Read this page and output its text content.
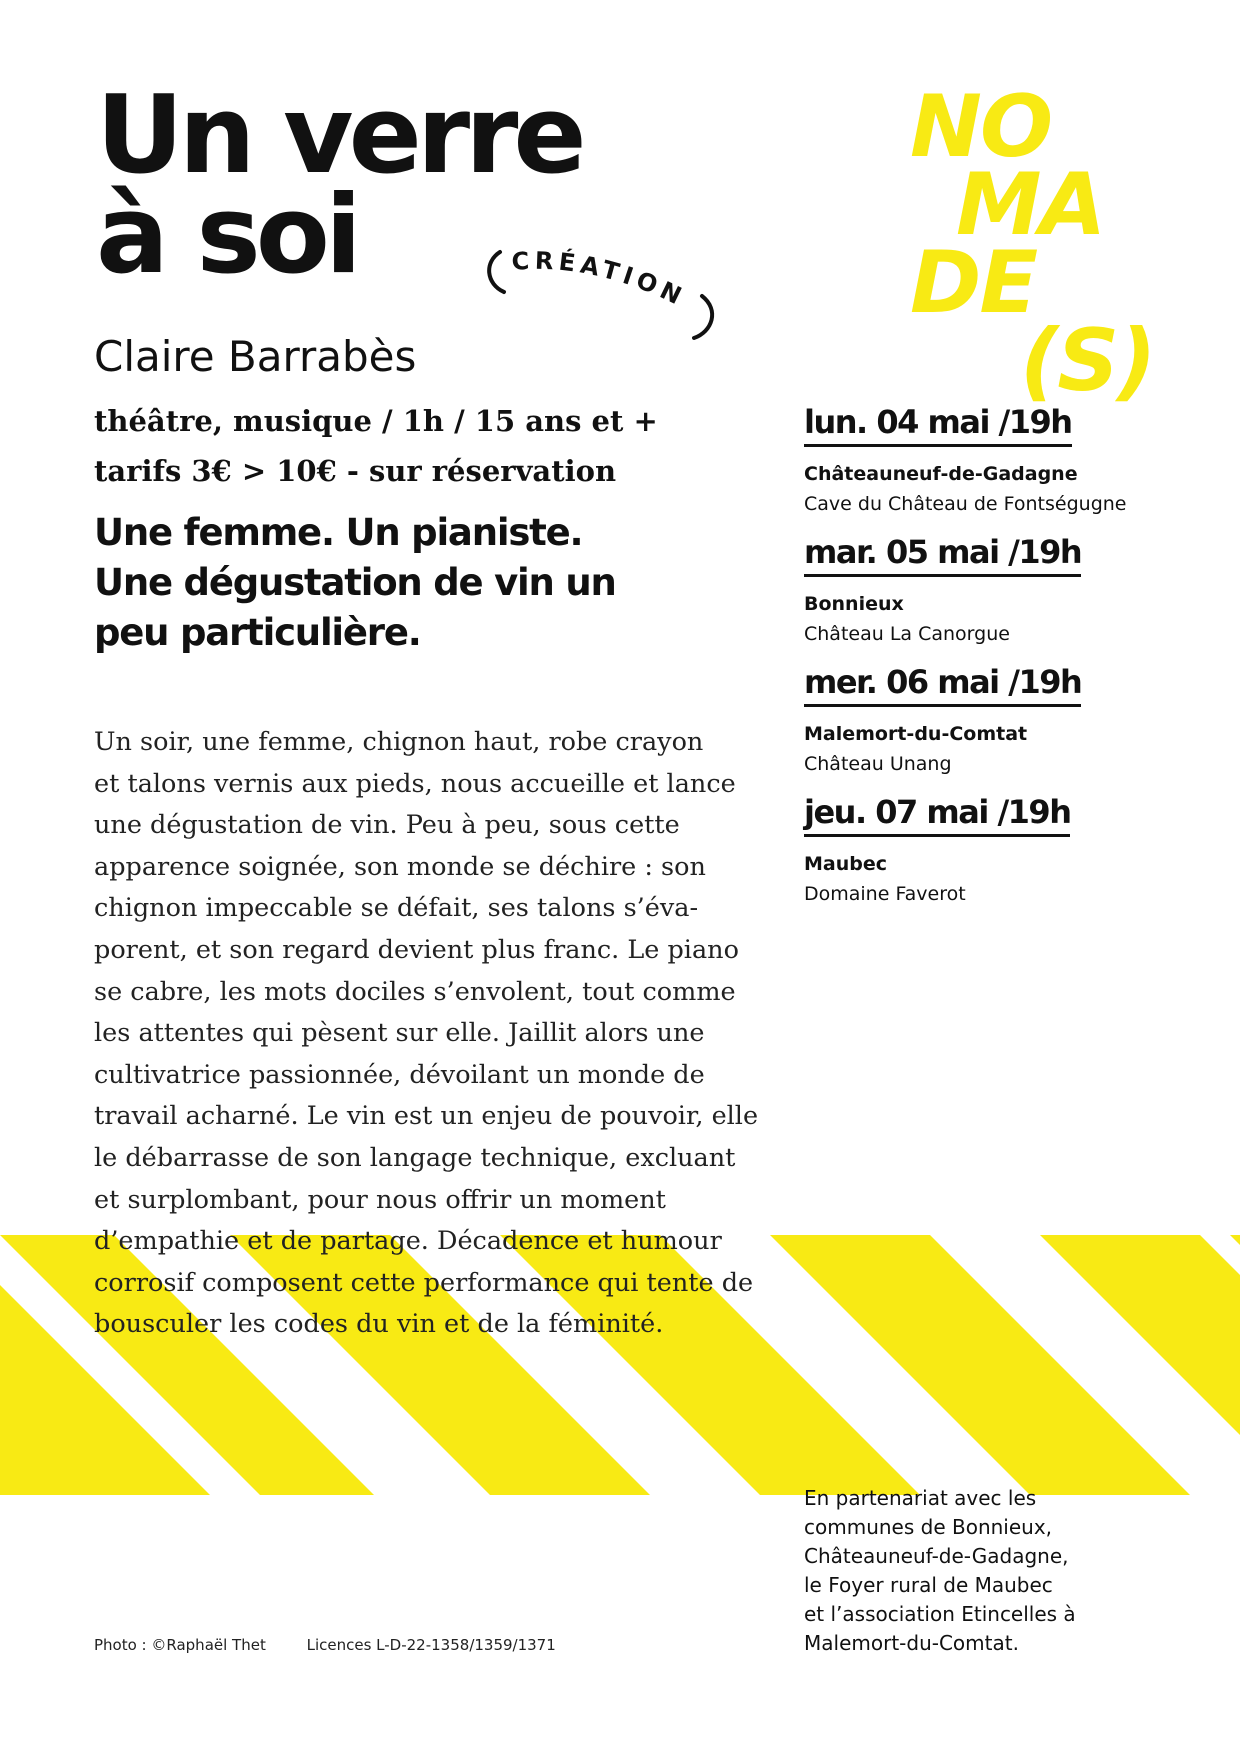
Un verre
à soi	CRÉATION
NO
MA
DE
(S)
Claire Barrabès
théâtre, musique / 1h / 15 ans et +
tarifs 3€ > 10€ - sur réservation
Une femme. Un pianiste.
Une dégustation de vin un
peu particulière.
Un soir, une femme, chignon haut, robe crayon
et talons vernis aux pieds, nous accueille et lance
une dégustation de vin. Peu à peu, sous cette
apparence soignée, son monde se déchire : son
chignon impeccable se défait, ses talons s’éva-
porent, et son regard devient plus franc. Le piano
se cabre, les mots dociles s’envolent, tout comme
les attentes qui pèsent sur elle. Jaillit alors une
cultivatrice passionnée, dévoilant un monde de
travail acharné. Le vin est un enjeu de pouvoir, elle
le débarrasse de son langage technique, excluant
et surplombant, pour nous offrir un moment
d’empathie et de partage. Décadence et humour
corrosif composent cette performance qui tente de
bousculer les codes du vin et de la féminité.
lun. 04 mai /19h
Châteauneuf-de-Gadagne
Cave du Château de Fontségugne
mar. 05 mai /19h
Bonnieux
Château La Canorgue
mer. 06 mai /19h
Malemort-du-Comtat
Château Unang
jeu. 07 mai /19h
Maubec
Domaine Faverot
En partenariat avec les
communes de Bonnieux,
Châteauneuf-de-Gadagne,
le Foyer rural de Maubec
et l’association Etincelles à
Malemort-du-Comtat.
Photo : ©Raphaël Thet	Licences L-D-22-1358/1359/1371
